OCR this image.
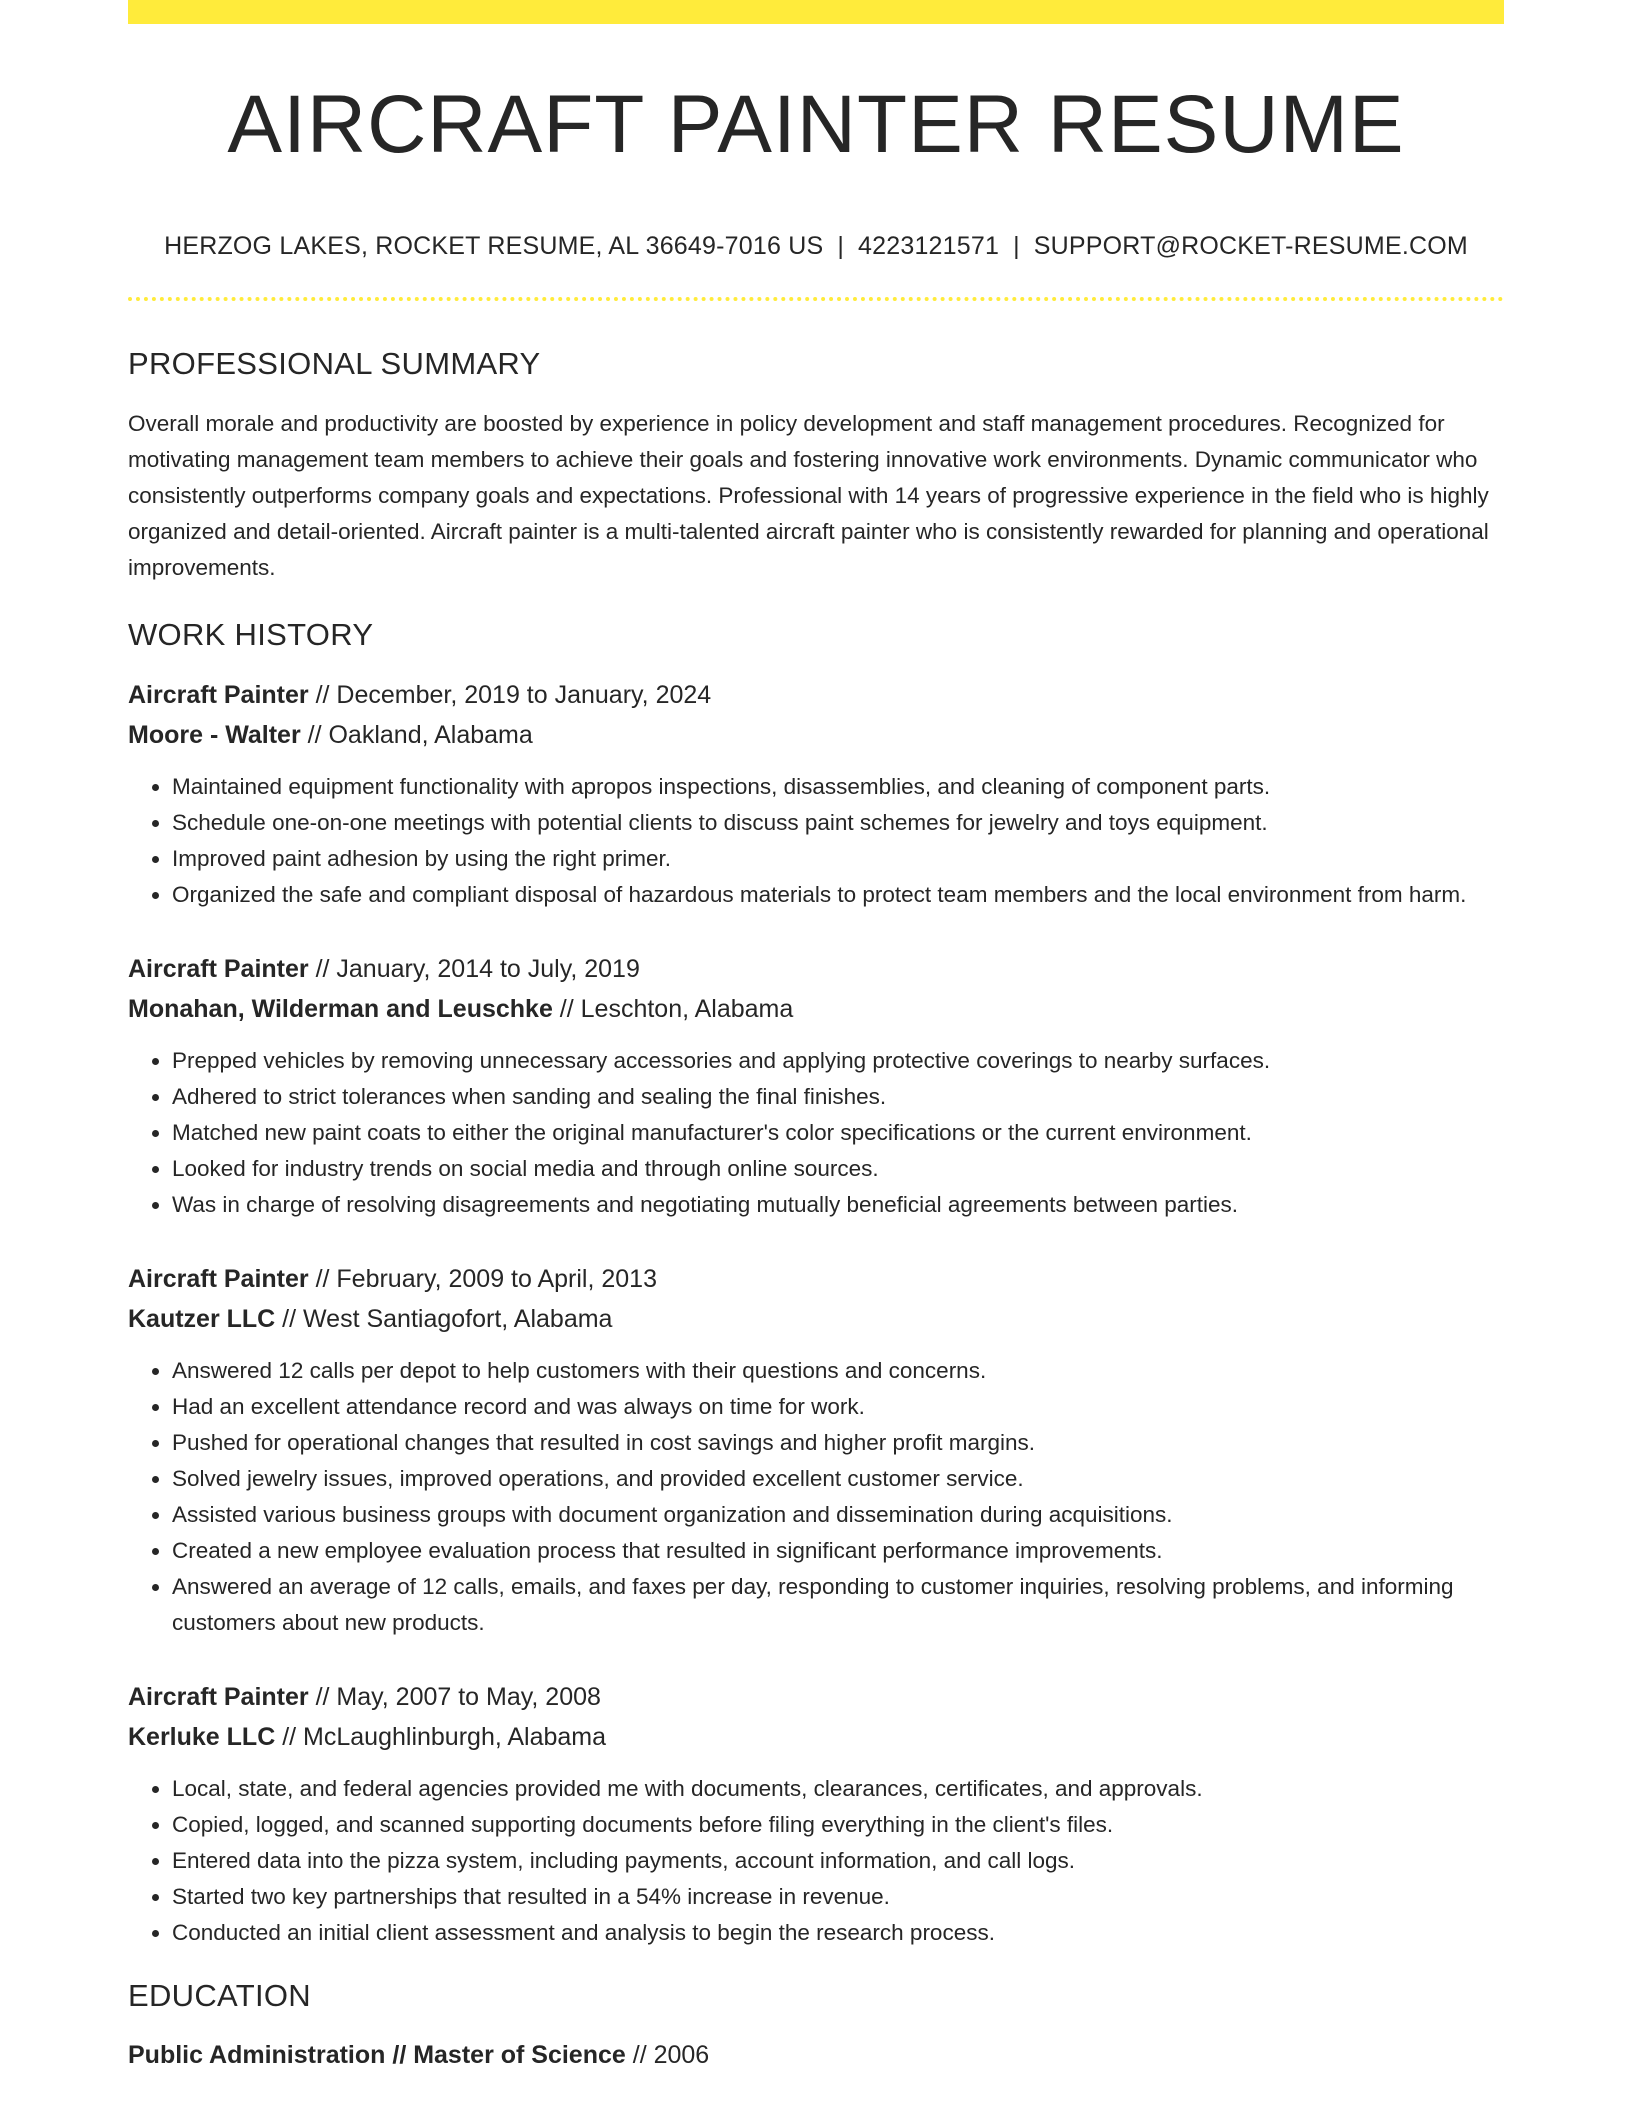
AIRCRAFT PAINTER RESUME
HERZOG LAKES, ROCKET RESUME, AL 36649-7016 US | 4223121571 | SUPPORT@ROCKET-RESUME.COM
PROFESSIONAL SUMMARY

Overall morale and productivity are boosted by experience in policy development and staff management procedures. Recognized for motivating management team members to achieve their goals and fostering innovative work environments. Dynamic communicator who consistently outperforms company goals and expectations. Professional with 14 years of progressive experience in the field who is highly organized and detail-oriented. Aircraft painter is a multi-talented aircraft painter who is consistently rewarded for planning and operational improvements.

WORK HISTORY
Aircraft Painter // December, 2019 to January, 2024
Moore - Walter // Oakland, Alabama
• Maintained equipment functionality with apropos inspections, disassemblies, and cleaning of component parts.
• Schedule one-on-one meetings with potential clients to discuss paint schemes for jewelry and toys equipment.
• Improved paint adhesion by using the right primer.
• Organized the safe and compliant disposal of hazardous materials to protect team members and the local environment from harm.
Aircraft Painter // January, 2014 to July, 2019
Monahan, Wilderman and Leuschke // Leschton, Alabama
• Prepped vehicles by removing unnecessary accessories and applying protective coverings to nearby surfaces.
• Adhered to strict tolerances when sanding and sealing the final finishes.
• Matched new paint coats to either the original manufacturer's color specifications or the current environment.
• Looked for industry trends on social media and through online sources.
• Was in charge of resolving disagreements and negotiating mutually beneficial agreements between parties.
Aircraft Painter // February, 2009 to April, 2013
Kautzer LLC // West Santiagofort, Alabama
• Answered 12 calls per depot to help customers with their questions and concerns.
• Had an excellent attendance record and was always on time for work.
• Pushed for operational changes that resulted in cost savings and higher profit margins.
• Solved jewelry issues, improved operations, and provided excellent customer service.
• Assisted various business groups with document organization and dissemination during acquisitions.
• Created a new employee evaluation process that resulted in significant performance improvements.
• Answered an average of 12 calls, emails, and faxes per day, responding to customer inquiries, resolving problems, and informing customers about new products.
Aircraft Painter // May, 2007 to May, 2008
Kerluke LLC // McLaughlinburgh, Alabama
• Local, state, and federal agencies provided me with documents, clearances, certificates, and approvals.
• Copied, logged, and scanned supporting documents before filing everything in the client's files.
• Entered data into the pizza system, including payments, account information, and call logs.
• Started two key partnerships that resulted in a 54% increase in revenue.
• Conducted an initial client assessment and analysis to begin the research process.
EDUCATION
Public Administration // Master of Science // 2006
